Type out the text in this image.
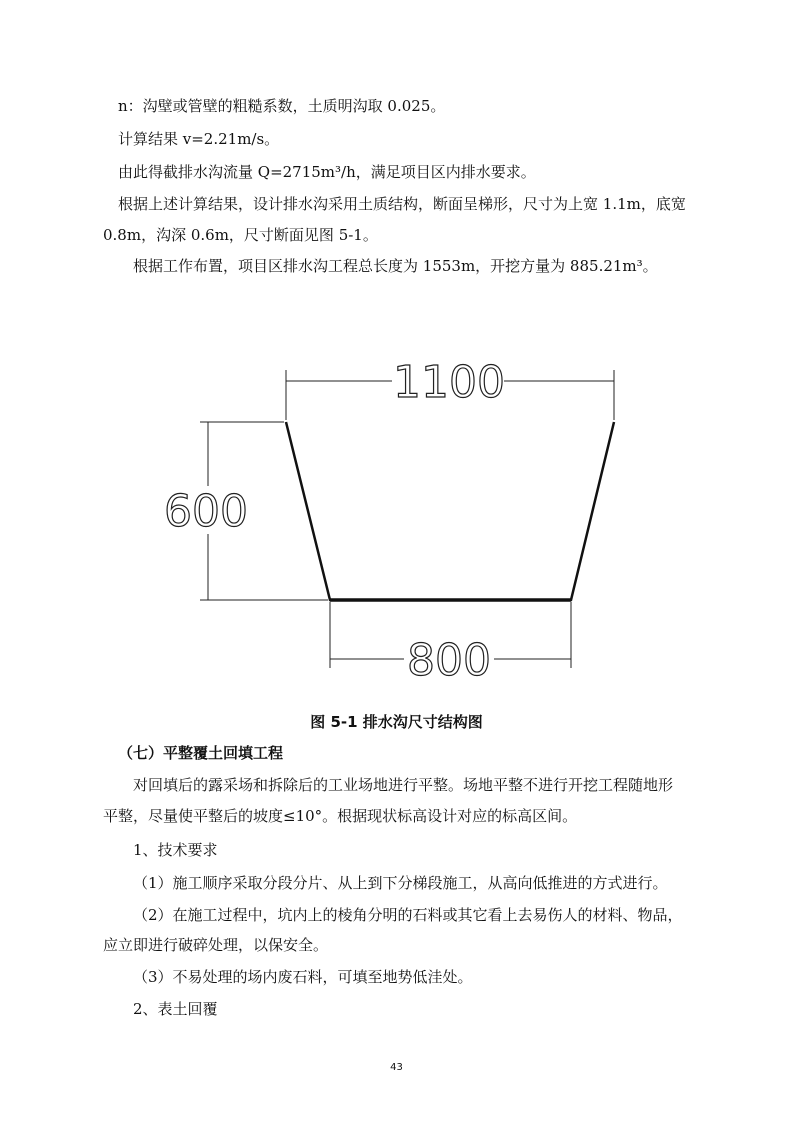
n：沟壁或管壁的粗糙系数，土质明沟取 0.025。
计算结果 v=2.21m/s。
由此得截排水沟流量 Q=2715m³/h，满足项目区内排水要求。
根据上述计算结果，设计排水沟采用土质结构，断面呈梯形，尺寸为上宽 1.1m，底宽
0.8m，沟深 0.6m，尺寸断面见图 5-1。
根据工作布置，项目区排水沟工程总长度为 1553m，开挖方量为 885.21m³。
1100
600
800
图 5-1 排水沟尺寸结构图
（七）平整覆土回填工程
对回填后的露采场和拆除后的工业场地进行平整。场地平整不进行开挖工程随地形
平整，尽量使平整后的坡度≤10°。根据现状标高设计对应的标高区间。
1、技术要求
（1）施工顺序采取分段分片、从上到下分梯段施工，从高向低推进的方式进行。
（2）在施工过程中，坑内上的棱角分明的石料或其它看上去易伤人的材料、物品，
应立即进行破碎处理，以保安全。
（3）不易处理的场内废石料，可填至地势低洼处。
2、表土回覆
43
